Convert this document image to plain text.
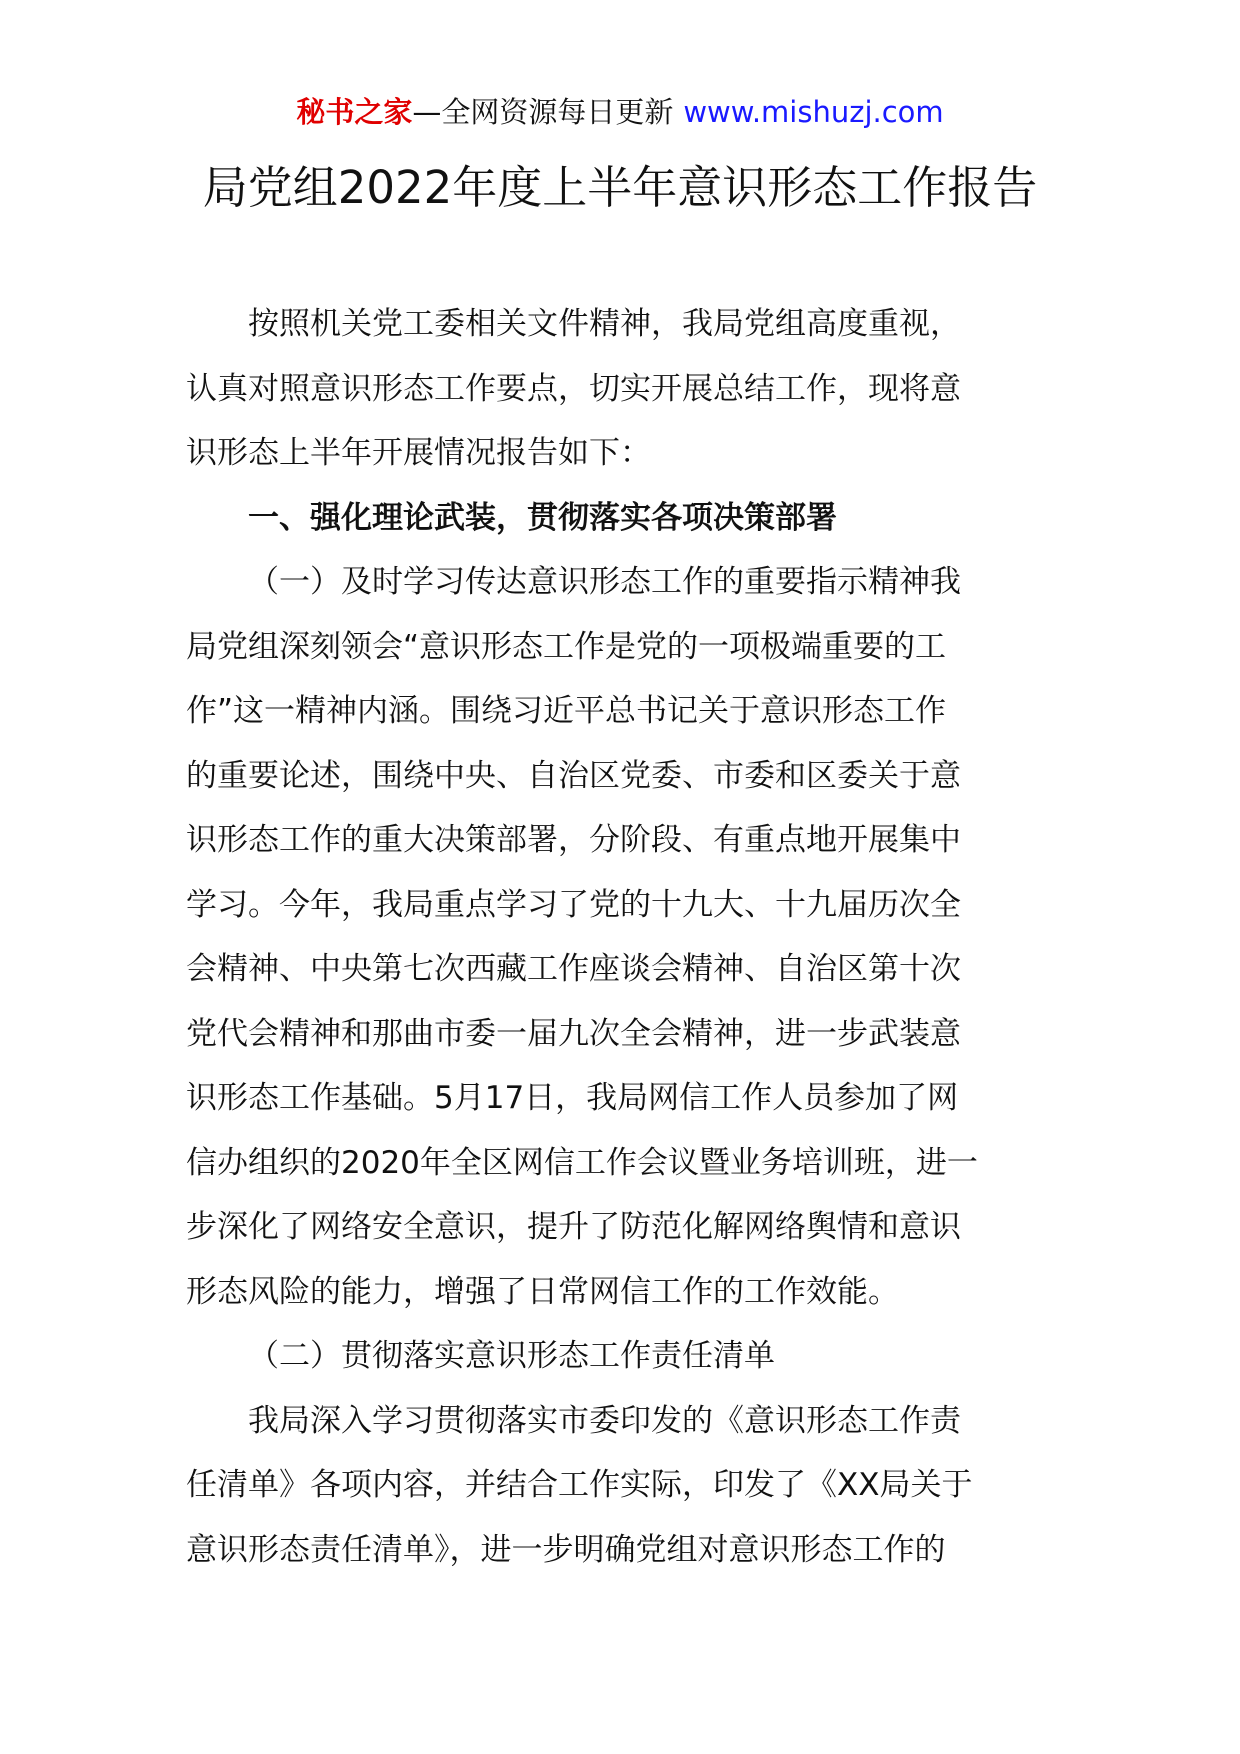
秘书之家—全网资源每日更新 www.mishuzj.com
局党组2022年度上半年意识形态工作报告
按照机关党工委相关文件精神，我局党组高度重视，
认真对照意识形态工作要点，切实开展总结工作，现将意
识形态上半年开展情况报告如下：
一、强化理论武装，贯彻落实各项决策部署
（一）及时学习传达意识形态工作的重要指示精神我
局党组深刻领会“意识形态工作是党的一项极端重要的工
作”这一精神内涵。围绕习近平总书记关于意识形态工作
的重要论述，围绕中央、自治区党委、市委和区委关于意
识形态工作的重大决策部署，分阶段、有重点地开展集中
学习。今年，我局重点学习了党的十九大、十九届历次全
会精神、中央第七次西藏工作座谈会精神、自治区第十次
党代会精神和那曲市委一届九次全会精神，进一步武装意
识形态工作基础。5月17日，我局网信工作人员参加了网
信办组织的2020年全区网信工作会议暨业务培训班，进一
步深化了网络安全意识，提升了防范化解网络舆情和意识
形态风险的能力，增强了日常网信工作的工作效能。
（二）贯彻落实意识形态工作责任清单
我局深入学习贯彻落实市委印发的《意识形态工作责
任清单》各项内容，并结合工作实际，印发了《XX局关于
意识形态责任清单》，进一步明确党组对意识形态工作的
